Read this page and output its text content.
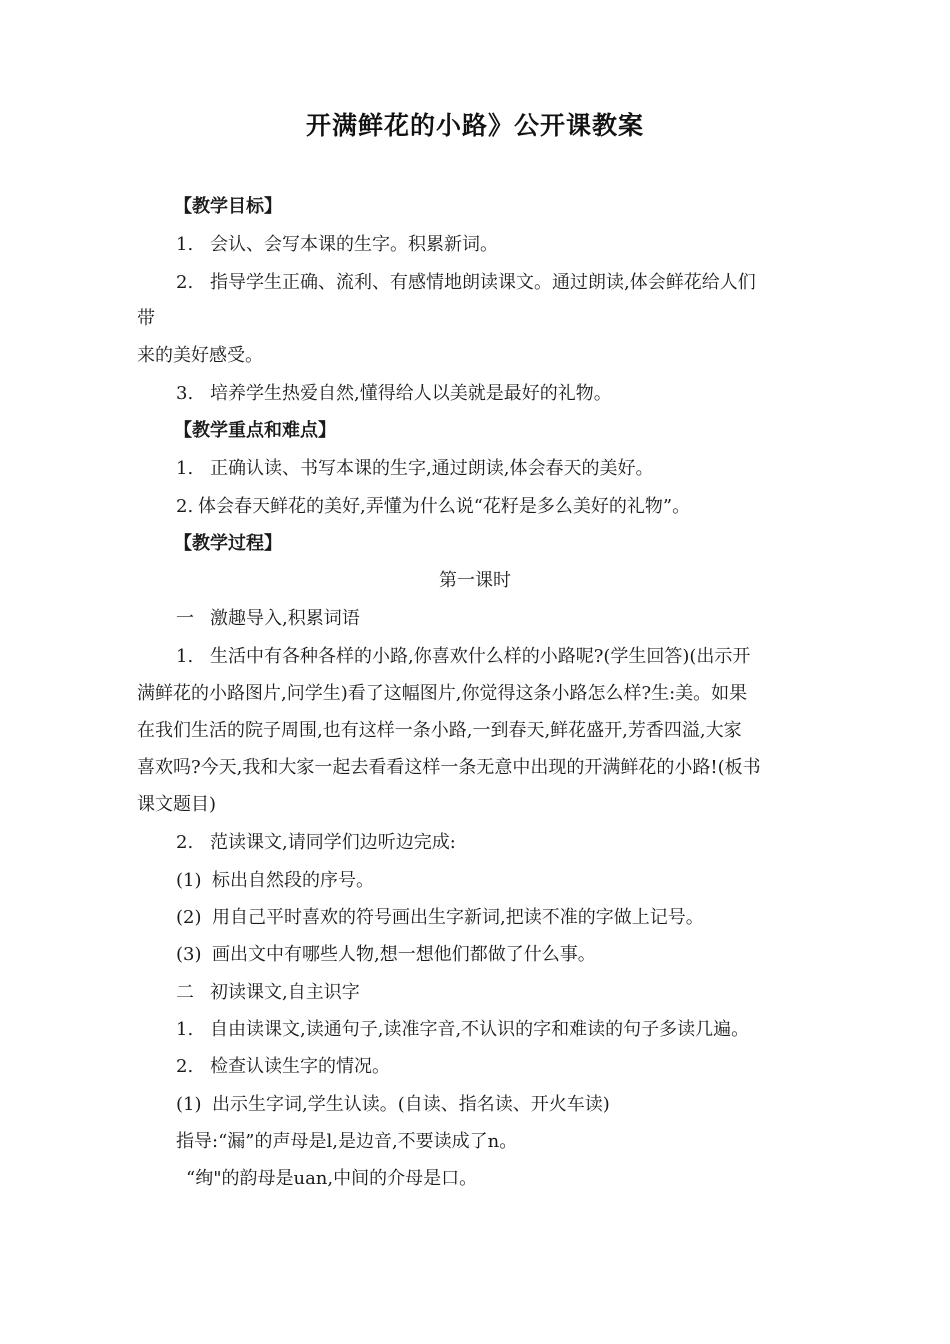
开满鲜花的小路》公开课教案
【教学目标】
1. 会认、会写本课的生字。积累新词。
2. 指导学生正确、流利、有感情地朗读课文。通过朗读,体会鲜花给人们
带
来的美好感受。
3. 培养学生热爱自然,懂得给人以美就是最好的礼物。
【教学重点和难点】
1. 正确认读、书写本课的生字,通过朗读,体会春天的美好。
2. 体会春天鲜花的美好,弄懂为什么说“花籽是多么美好的礼物”。
【教学过程】
第一课时
一 激趣导入,积累词语
1. 生活中有各种各样的小路,你喜欢什么样的小路呢?(学生回答)(出示开
满鲜花的小路图片,问学生)看了这幅图片,你觉得这条小路怎么样?生:美。如果
在我们生活的院子周围,也有这样一条小路,一到春天,鲜花盛开,芳香四溢,大家
喜欢吗?今天,我和大家一起去看看这样一条无意中出现的开满鲜花的小路!(板书
课文题目)
2. 范读课文,请同学们边听边完成:
(1) 标出自然段的序号。
(2) 用自己平时喜欢的符号画出生字新词,把读不准的字做上记号。
(3) 画出文中有哪些人物,想一想他们都做了什么事。
二 初读课文,自主识字
1. 自由读课文,读通句子,读准字音,不认识的字和难读的句子多读几遍。
2. 检查认读生字的情况。
(1) 出示生字词,学生认读。(自读、指名读、开火车读)
指导:“漏”的声母是l,是边音,不要读成了n。
“绚"的韵母是uan,中间的介母是口。
